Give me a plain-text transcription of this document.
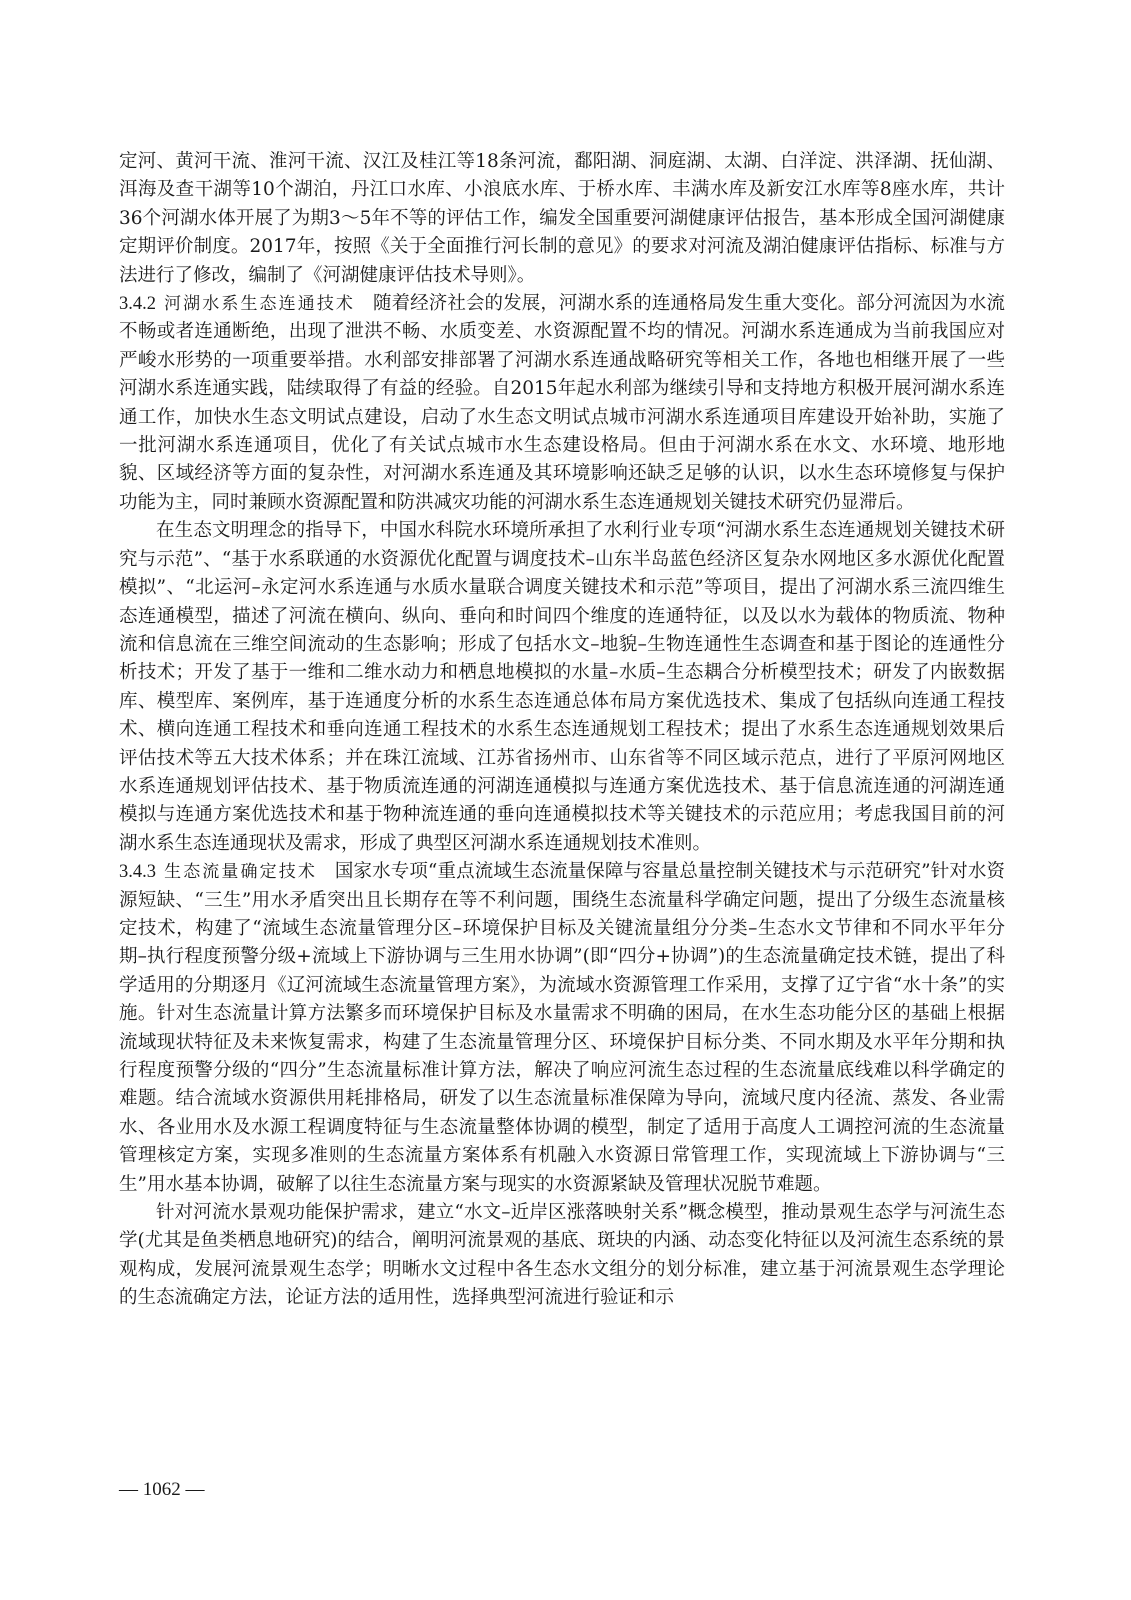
定河、黄河干流、淮河干流、汉江及桂江等18条河流，鄱阳湖、洞庭湖、太湖、白洋淀、洪泽湖、抚仙湖、洱海及查干湖等10个湖泊，丹江口水库、小浪底水库、于桥水库、丰满水库及新安江水库等8座水库，共计36个河湖水体开展了为期3～5年不等的评估工作，编发全国重要河湖健康评估报告，基本形成全国河湖健康定期评价制度。2017年，按照《关于全面推行河长制的意见》的要求对河流及湖泊健康评估指标、标准与方法进行了修改，编制了《河湖健康评估技术导则》。

3.4.2 河湖水系生态连通技术 随着经济社会的发展，河湖水系的连通格局发生重大变化。部分河流因为水流不畅或者连通断绝，出现了泄洪不畅、水质变差、水资源配置不均的情况。河湖水系连通成为当前我国应对严峻水形势的一项重要举措。水利部安排部署了河湖水系连通战略研究等相关工作，各地也相继开展了一些河湖水系连通实践，陆续取得了有益的经验。自2015年起水利部为继续引导和支持地方积极开展河湖水系连通工作，加快水生态文明试点建设，启动了水生态文明试点城市河湖水系连通项目库建设开始补助，实施了一批河湖水系连通项目，优化了有关试点城市水生态建设格局。但由于河湖水系在水文、水环境、地形地貌、区域经济等方面的复杂性，对河湖水系连通及其环境影响还缺乏足够的认识，以水生态环境修复与保护功能为主，同时兼顾水资源配置和防洪减灾功能的河湖水系生态连通规划关键技术研究仍显滞后。

在生态文明理念的指导下，中国水科院水环境所承担了水利行业专项“河湖水系生态连通规划关键技术研究与示范”、“基于水系联通的水资源优化配置与调度技术–山东半岛蓝色经济区复杂水网地区多水源优化配置模拟”、“北运河–永定河水系连通与水质水量联合调度关键技术和示范”等项目，提出了河湖水系三流四维生态连通模型，描述了河流在横向、纵向、垂向和时间四个维度的连通特征，以及以水为载体的物质流、物种流和信息流在三维空间流动的生态影响；形成了包括水文–地貌–生物连通性生态调查和基于图论的连通性分析技术；开发了基于一维和二维水动力和栖息地模拟的水量–水质–生态耦合分析模型技术；研发了内嵌数据库、模型库、案例库，基于连通度分析的水系生态连通总体布局方案优选技术、集成了包括纵向连通工程技术、横向连通工程技术和垂向连通工程技术的水系生态连通规划工程技术；提出了水系生态连通规划效果后评估技术等五大技术体系；并在珠江流域、江苏省扬州市、山东省等不同区域示范点，进行了平原河网地区水系连通规划评估技术、基于物质流连通的河湖连通模拟与连通方案优选技术、基于信息流连通的河湖连通模拟与连通方案优选技术和基于物种流连通的垂向连通模拟技术等关键技术的示范应用；考虑我国目前的河湖水系生态连通现状及需求，形成了典型区河湖水系连通规划技术准则。

3.4.3 生态流量确定技术 国家水专项“重点流域生态流量保障与容量总量控制关键技术与示范研究”针对水资源短缺、“三生”用水矛盾突出且长期存在等不利问题，围绕生态流量科学确定问题，提出了分级生态流量核定技术，构建了“流域生态流量管理分区–环境保护目标及关键流量组分分类–生态水文节律和不同水平年分期–执行程度预警分级+流域上下游协调与三生用水协调”(即“四分+协调”)的生态流量确定技术链，提出了科学适用的分期逐月《辽河流域生态流量管理方案》，为流域水资源管理工作采用，支撑了辽宁省“水十条”的实施。针对生态流量计算方法繁多而环境保护目标及水量需求不明确的困局，在水生态功能分区的基础上根据流域现状特征及未来恢复需求，构建了生态流量管理分区、环境保护目标分类、不同水期及水平年分期和执行程度预警分级的“四分”生态流量标准计算方法，解决了响应河流生态过程的生态流量底线难以科学确定的难题。结合流域水资源供用耗排格局，研发了以生态流量标准保障为导向，流域尺度内径流、蒸发、各业需水、各业用水及水源工程调度特征与生态流量整体协调的模型，制定了适用于高度人工调控河流的生态流量管理核定方案，实现多准则的生态流量方案体系有机融入水资源日常管理工作，实现流域上下游协调与“三生”用水基本协调，破解了以往生态流量方案与现实的水资源紧缺及管理状况脱节难题。

针对河流水景观功能保护需求，建立“水文–近岸区涨落映射关系”概念模型，推动景观生态学与河流生态学(尤其是鱼类栖息地研究)的结合，阐明河流景观的基底、斑块的内涵、动态变化特征以及河流生态系统的景观构成，发展河流景观生态学；明晰水文过程中各生态水文组分的划分标准，建立基于河流景观生态学理论的生态流确定方法，论证方法的适用性，选择典型河流进行验证和示

— 1062 —
